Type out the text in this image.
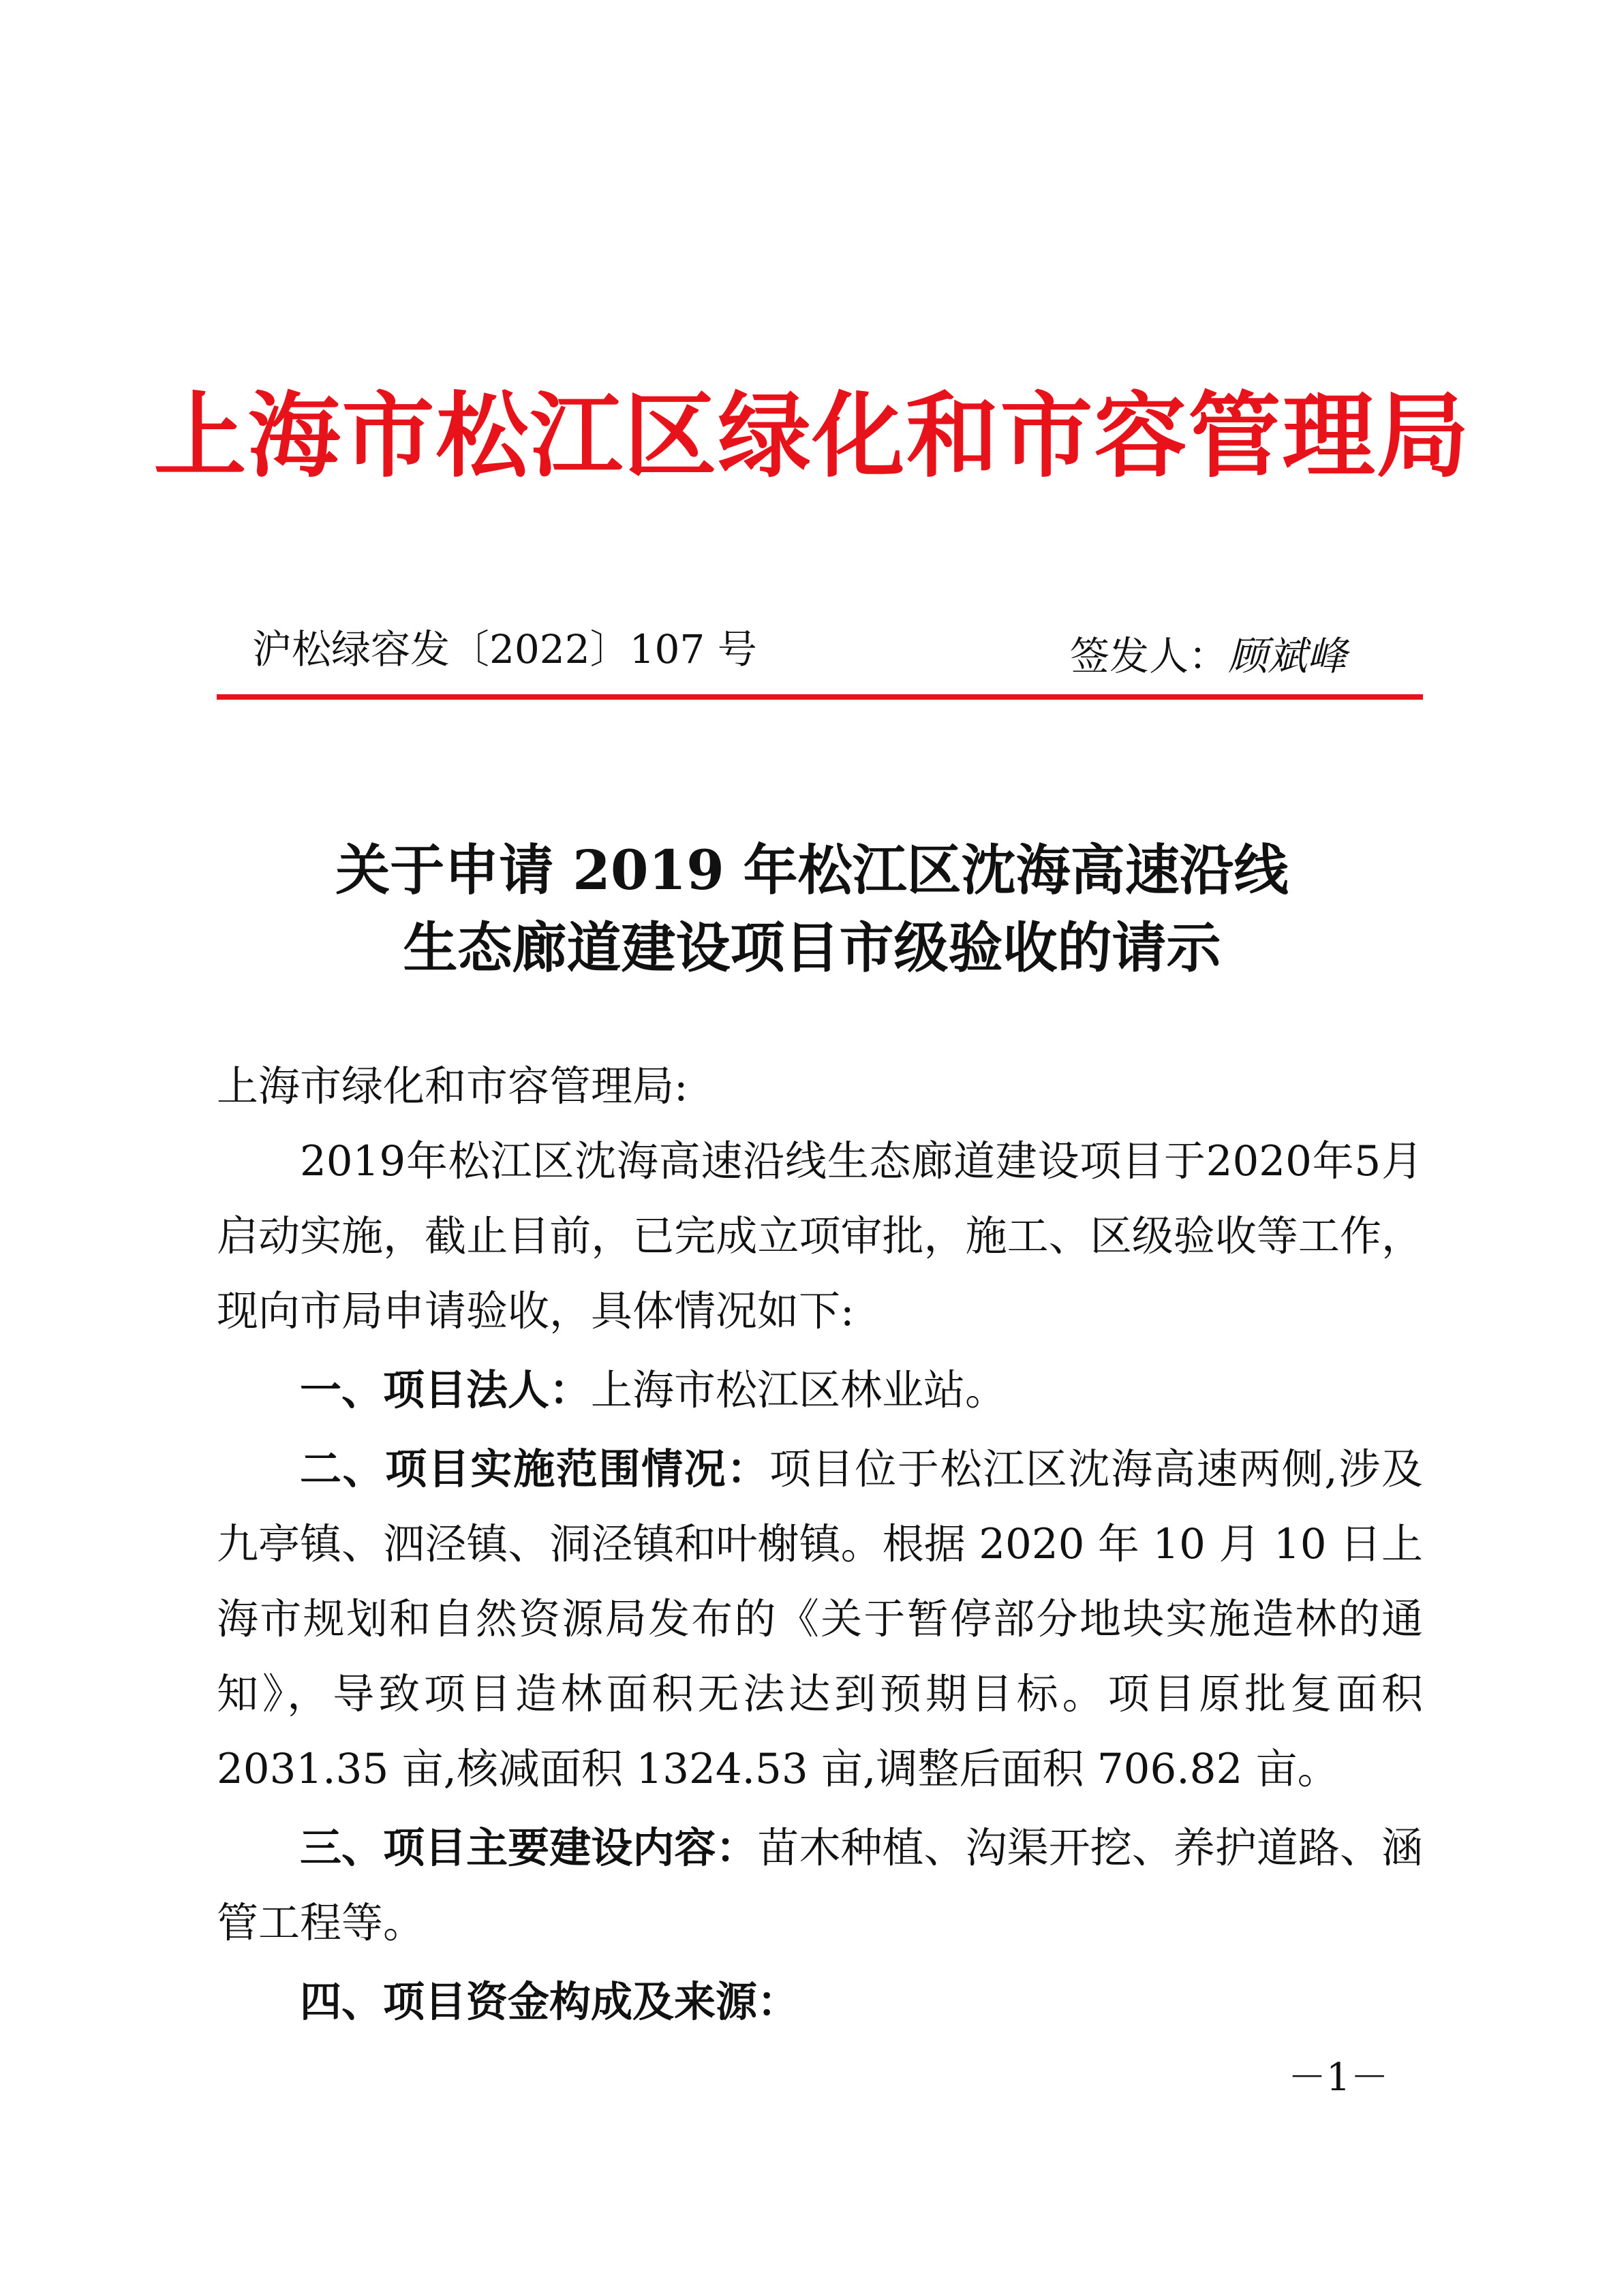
上海市松江区绿化和市容管理局
沪松绿容发〔2022〕107 号	签发人：顾斌峰
关于申请 2019 年松江区沈海高速沿线
生态廊道建设项目市级验收的请示

上海市绿化和市容管理局:

2019年松江区沈海高速沿线生态廊道建设项目于2020年5月启动实施，截止目前，已完成立项审批，施工、区级验收等工作，现向市局申请验收，具体情况如下:

一、项目法人：上海市松江区林业站。

二、项目实施范围情况：项目位于松江区沈海高速两侧,涉及九亭镇、泗泾镇、洞泾镇和叶榭镇。根据 2020 年 10 月 10 日上海市规划和自然资源局发布的《关于暂停部分地块实施造林的通知》，导致项目造林面积无法达到预期目标。项目原批复面积 2031.35 亩,核减面积 1324.53 亩,调整后面积 706.82 亩。

三、项目主要建设内容：苗木种植、沟渠开挖、养护道路、涵管工程等。

四、项目资金构成及来源：

－1－
